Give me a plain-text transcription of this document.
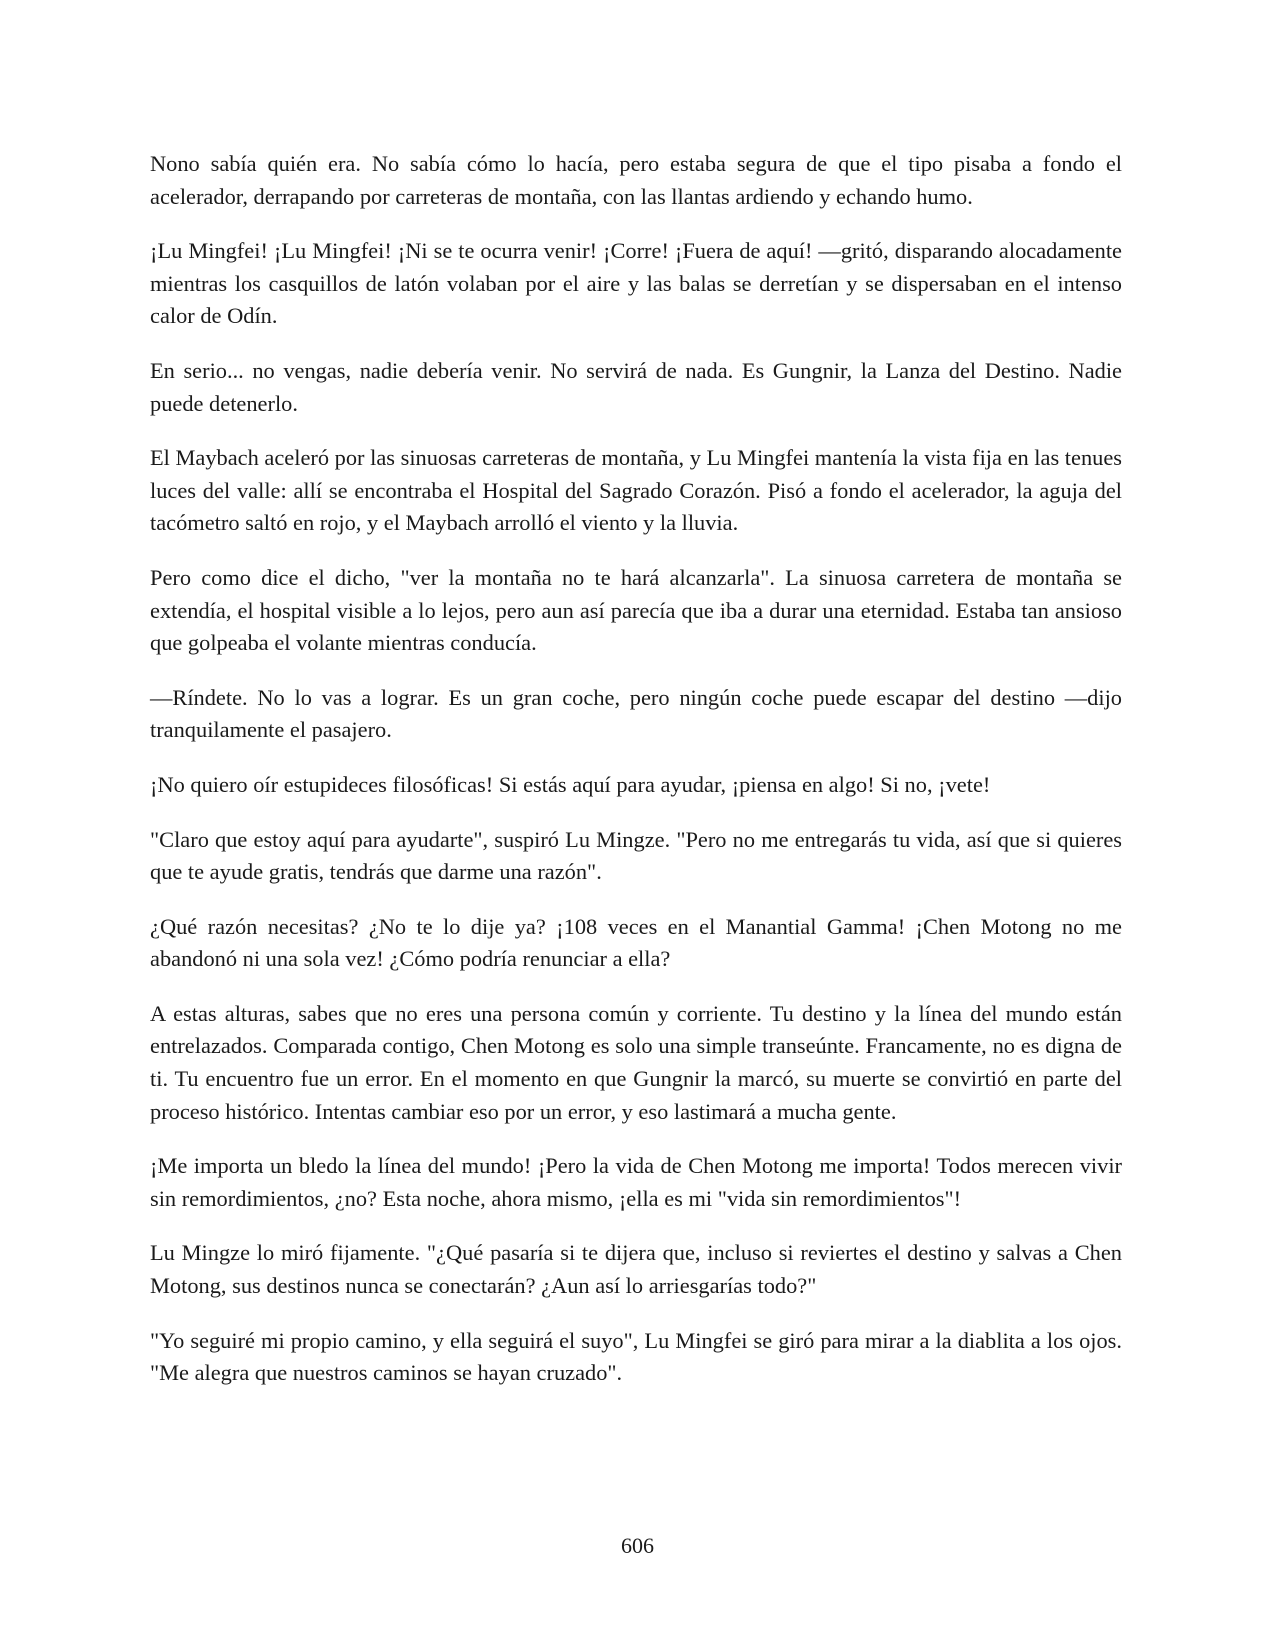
Nono sabía quién era. No sabía cómo lo hacía, pero estaba segura de que el tipo pisaba a fondo el acelerador, derrapando por carreteras de montaña, con las llantas ardiendo y echando humo.

¡Lu Mingfei! ¡Lu Mingfei! ¡Ni se te ocurra venir! ¡Corre! ¡Fuera de aquí! —gritó, disparando alocadamente mientras los casquillos de latón volaban por el aire y las balas se derretían y se dispersaban en el intenso calor de Odín.

En serio... no vengas, nadie debería venir. No servirá de nada. Es Gungnir, la Lanza del Destino. Nadie puede detenerlo.

El Maybach aceleró por las sinuosas carreteras de montaña, y Lu Mingfei mantenía la vista fija en las tenues luces del valle: allí se encontraba el Hospital del Sagrado Corazón. Pisó a fondo el acelerador, la aguja del tacómetro saltó en rojo, y el Maybach arrolló el viento y la lluvia.

Pero como dice el dicho, "ver la montaña no te hará alcanzarla". La sinuosa carretera de montaña se extendía, el hospital visible a lo lejos, pero aun así parecía que iba a durar una eternidad. Estaba tan ansioso que golpeaba el volante mientras conducía.

—Ríndete. No lo vas a lograr. Es un gran coche, pero ningún coche puede escapar del destino —dijo tranquilamente el pasajero.

¡No quiero oír estupideces filosóficas! Si estás aquí para ayudar, ¡piensa en algo! Si no, ¡vete!

"Claro que estoy aquí para ayudarte", suspiró Lu Mingze. "Pero no me entregarás tu vida, así que si quieres que te ayude gratis, tendrás que darme una razón".

¿Qué razón necesitas? ¿No te lo dije ya? ¡108 veces en el Manantial Gamma! ¡Chen Motong no me abandonó ni una sola vez! ¿Cómo podría renunciar a ella?

A estas alturas, sabes que no eres una persona común y corriente. Tu destino y la línea del mundo están entrelazados. Comparada contigo, Chen Motong es solo una simple transeúnte. Francamente, no es digna de ti. Tu encuentro fue un error. En el momento en que Gungnir la marcó, su muerte se convirtió en parte del proceso histórico. Intentas cambiar eso por un error, y eso lastimará a mucha gente.

¡Me importa un bledo la línea del mundo! ¡Pero la vida de Chen Motong me importa! Todos merecen vivir sin remordimientos, ¿no? Esta noche, ahora mismo, ¡ella es mi "vida sin remordimientos"!

Lu Mingze lo miró fijamente. "¿Qué pasaría si te dijera que, incluso si reviertes el destino y salvas a Chen Motong, sus destinos nunca se conectarán? ¿Aun así lo arriesgarías todo?"

"Yo seguiré mi propio camino, y ella seguirá el suyo", Lu Mingfei se giró para mirar a la diablita a los ojos. "Me alegra que nuestros caminos se hayan cruzado".

606
